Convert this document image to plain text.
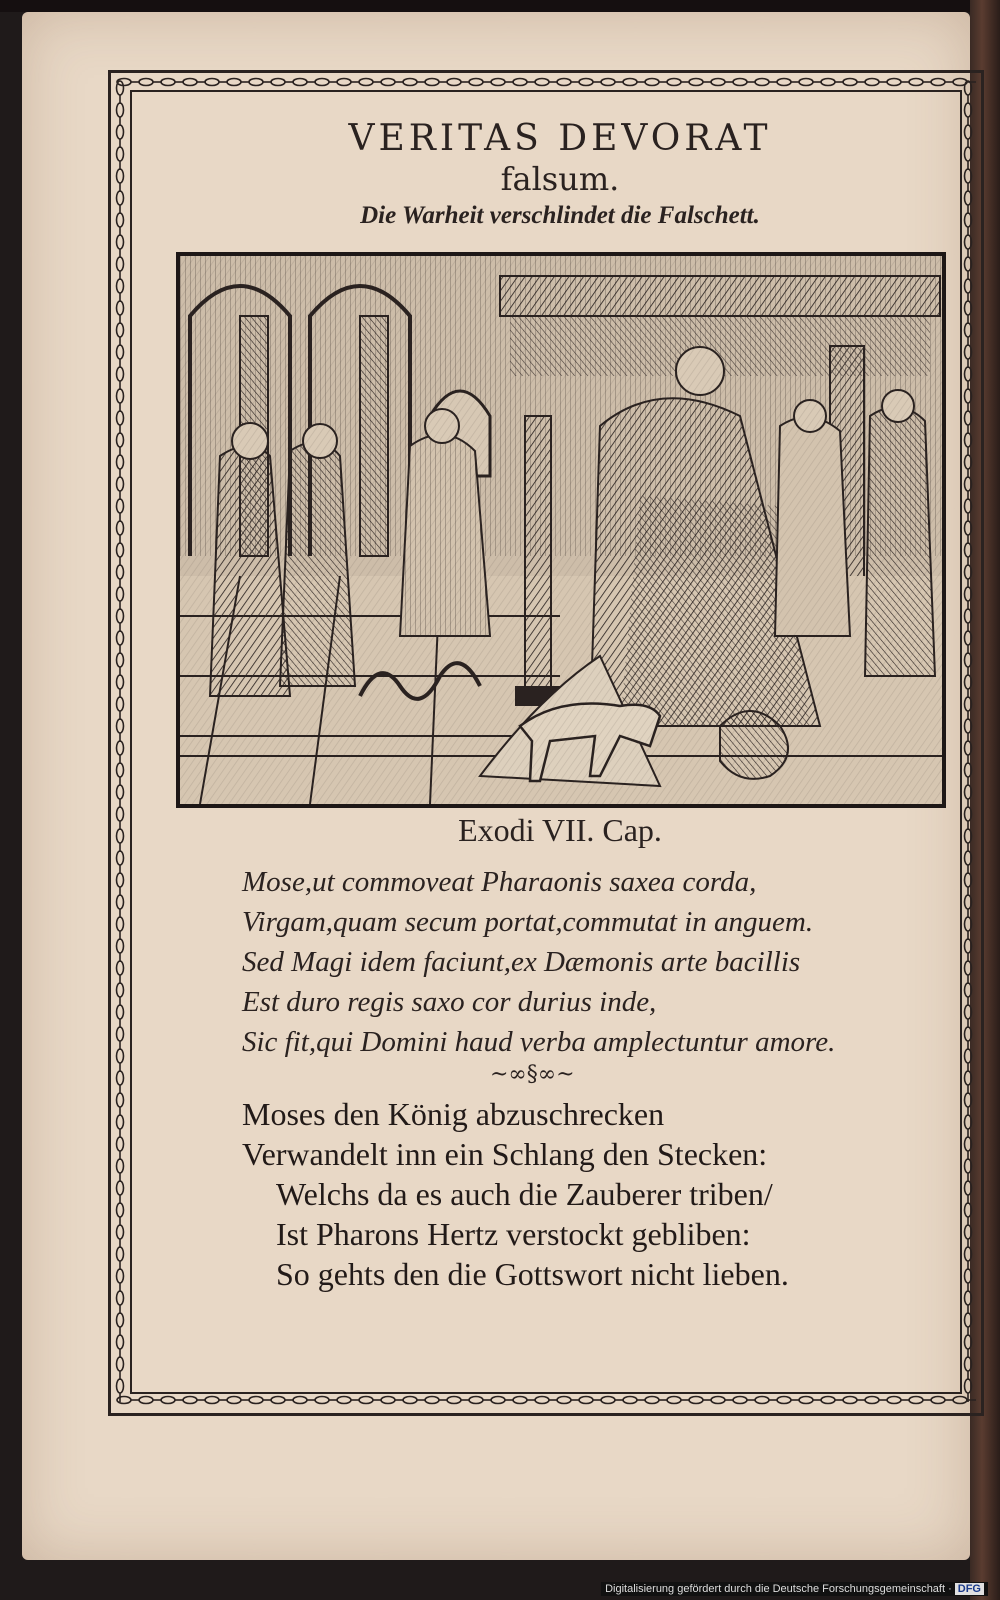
VERITAS DEVORAT
falsum.
Die Warheit verschlindet die Falschett.
Exodi VII. Cap.
Mose,ut commoveat Pharaonis saxea corda,
Virgam,quam secum portat,commutat in anguem.
Sed Magi idem faciunt,ex Dæmonis arte bacillis
Est duro regis saxo cor durius inde,
Sic fit,qui Domini haud verba amplectuntur amore.
~∞§∞~
Moses den König abzuschrecken
Verwandelt inn ein Schlang den Stecken:
Welchs da es auch die Zauberer triben/
Ist Pharons Hertz verstockt gebliben:
So gehts den die Gottswort nicht lieben.
Digitalisierung gefördert durch die Deutsche Forschungsgemeinschaft · DFG
